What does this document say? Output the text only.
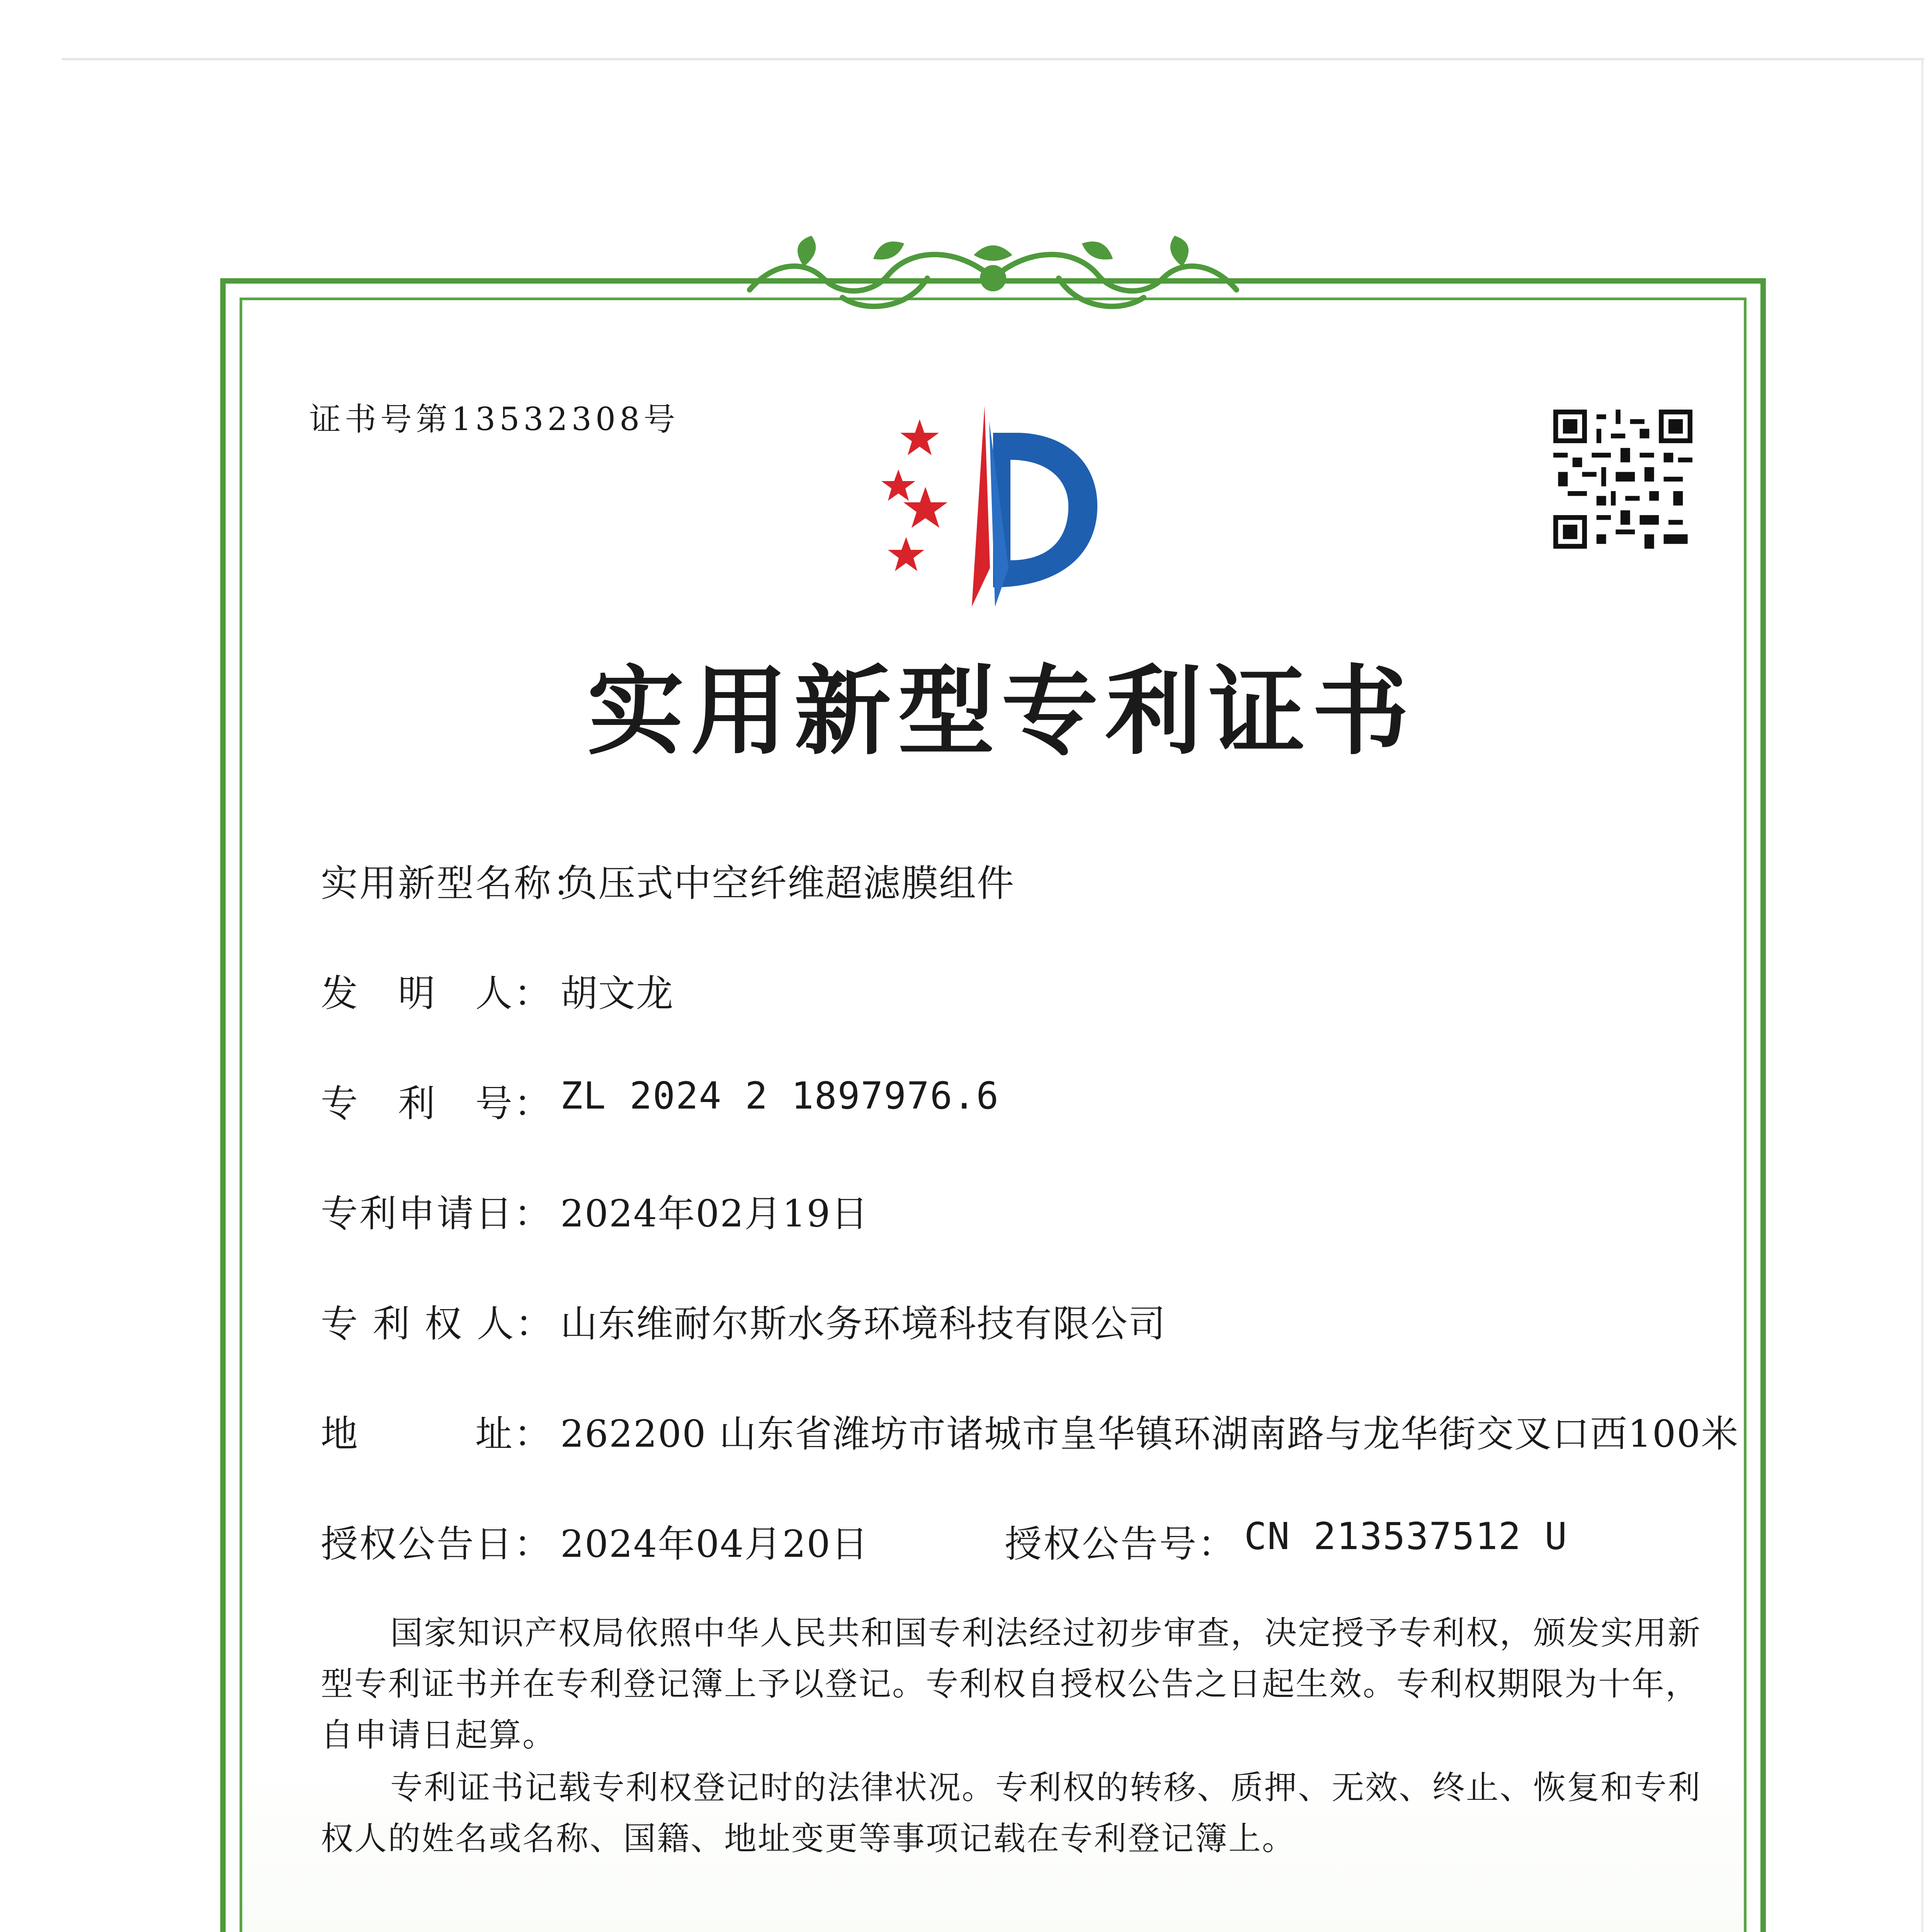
证书号第13532308号
实用新型专利证书
实用新型名称：
负压式中空纤维超滤膜组件
发　明　人： 胡文龙
专　利　号： ZL 2024 2 1897976.6
专利申请日： 2024年02月19日
专 利 权 人： 山东维耐尔斯水务环境科技有限公司
地　　　址： 262200 山东省潍坊市诸城市皇华镇环湖南路与龙华街交叉口西100米
授权公告日： 2024年04月20日	授权公告号： CN 213537512 U
国家知识产权局依照中华人民共和国专利法经过初步审查，决定授予专利权，颁发实用新型专利证书并在专利登记簿上予以登记。专利权自授权公告之日起生效。专利权期限为十年，自申请日起算。
专利证书记载专利权登记时的法律状况。专利权的转移、质押、无效、终止、恢复和专利权人的姓名或名称、国籍、地址变更等事项记载在专利登记簿上。
